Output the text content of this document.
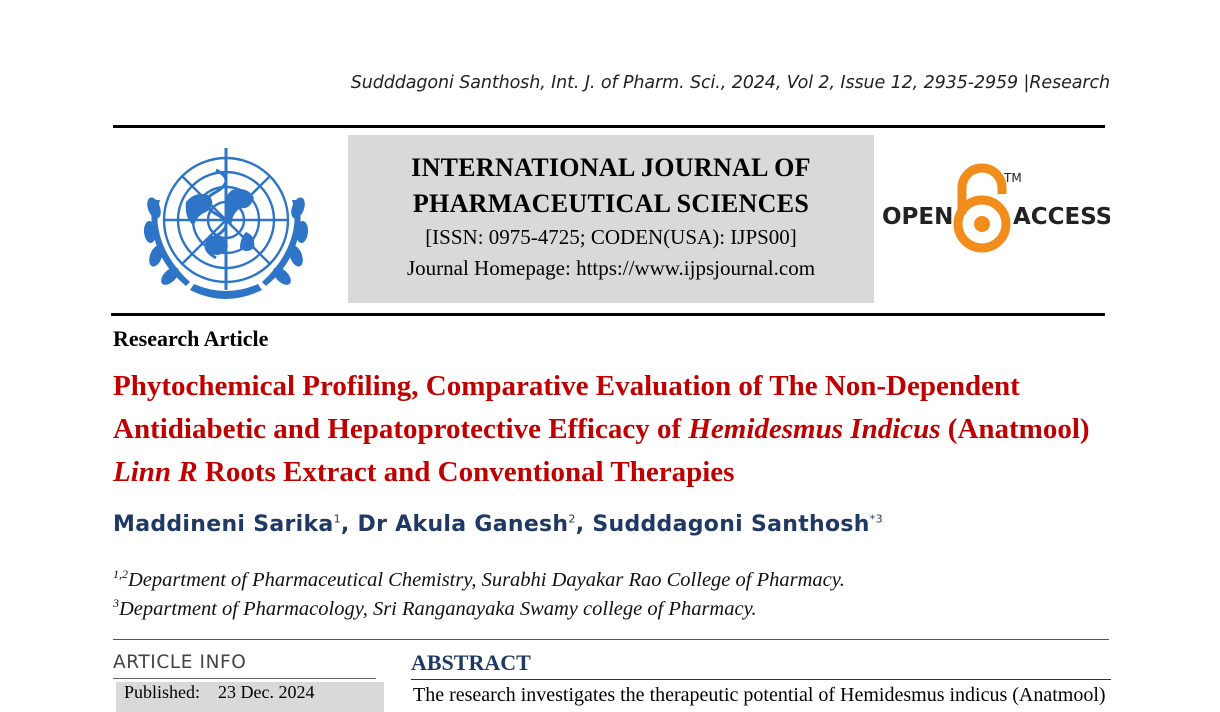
Sudddagoni Santhosh, Int. J. of Pharm. Sci., 2024, Vol 2, Issue 12, 2935-2959 |Research
INTERNATIONAL JOURNAL OF
PHARMACEUTICAL SCIENCES
[ISSN: 0975-4725; CODEN(USA): IJPS00]
Journal Homepage: https://www.ijpsjournal.com
OPEN	ACCESS
TM
Research Article
Phytochemical Profiling, Comparative Evaluation of The Non-Dependent Antidiabetic and Hepatoprotective Efficacy of Hemidesmus Indicus (Anatmool) Linn R Roots Extract and Conventional Therapies
Maddineni Sarika$^1$, Dr Akula Ganesh$^2$, Sudddagoni Santhosh$^{*3}$
$^{1,2}$Department of Pharmaceutical Chemistry, Surabhi Dayakar Rao College of Pharmacy.
$^3$Department of Pharmacology, Sri Ranganayaka Swamy college of Pharmacy.
ARTICLE INFO
Published: 23 Dec. 2024
ABSTRACT
The research investigates the therapeutic potential of Hemidesmus indicus (Anatmool)
